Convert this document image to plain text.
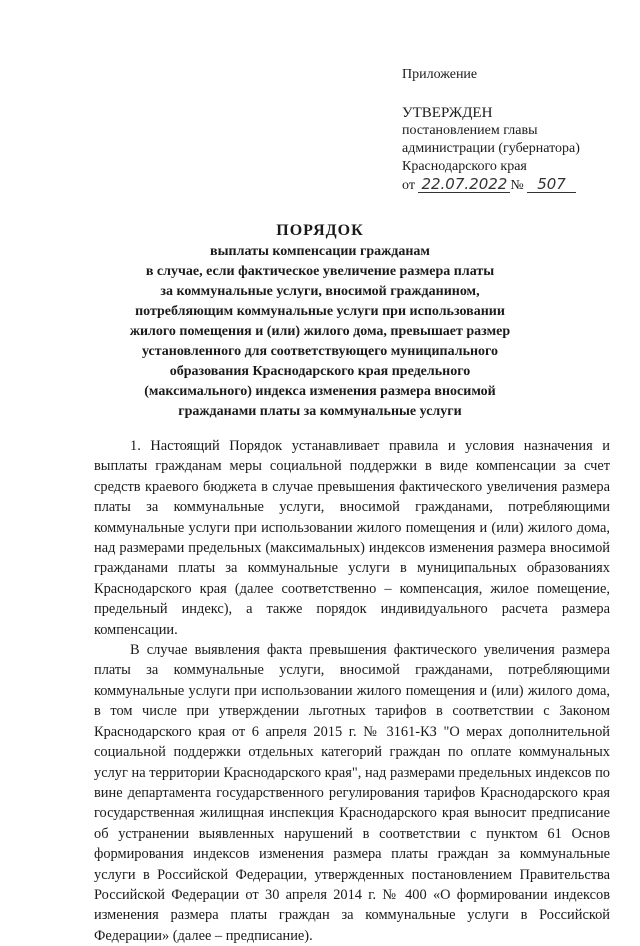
Приложение
УТВЕРЖДЕН
постановлением главы
администрации (губернатора)
Краснодарского края
от 22.07.2022 № 507
ПОРЯДОК
выплаты компенсации гражданам
в случае, если фактическое увеличение размера платы
за коммунальные услуги, вносимой гражданином,
потребляющим коммунальные услуги при использовании
жилого помещения и (или) жилого дома, превышает размер
установленного для соответствующего муниципального
образования Краснодарского края предельного
(максимального) индекса изменения размера вносимой
гражданами платы за коммунальные услуги

1. Настоящий Порядок устанавливает правила и условия назначения и выплаты гражданам меры социальной поддержки в виде компенсации за счет средств краевого бюджета в случае превышения фактического увеличения размера платы за коммунальные услуги, вносимой гражданами, потребляющими коммунальные услуги при использовании жилого помещения и (или) жилого дома, над размерами предельных (максимальных) индексов изменения размера вносимой гражданами платы за коммунальные услуги в муниципальных образованиях Краснодарского края (далее соответственно – компенсация, жилое помещение, предельный индекс), а также порядок индивидуального расчета размера компенсации.

В случае выявления факта превышения фактического увеличения размера платы за коммунальные услуги, вносимой гражданами, потребляющими коммунальные услуги при использовании жилого помещения и (или) жилого дома, в том числе при утверждении льготных тарифов в соответствии с Законом Краснодарского края от 6 апреля 2015 г. № 3161-КЗ "О мерах дополнительной социальной поддержки отдельных категорий граждан по оплате коммунальных услуг на территории Краснодарского края", над размерами предельных индексов по вине департамента государственного регулирования тарифов Краснодарского края государственная жилищная инспекция Краснодарского края выносит предписание об устранении выявленных нарушений в соответствии с пунктом 61 Основ формирования индексов изменения размера платы граждан за коммунальные услуги в Российской Федерации, утвержденных постановлением Правительства Российской Федерации от 30 апреля 2014 г. № 400 «О формировании индексов изменения размера платы граждан за коммунальные услуги в Российской Федерации» (далее – предписание).
